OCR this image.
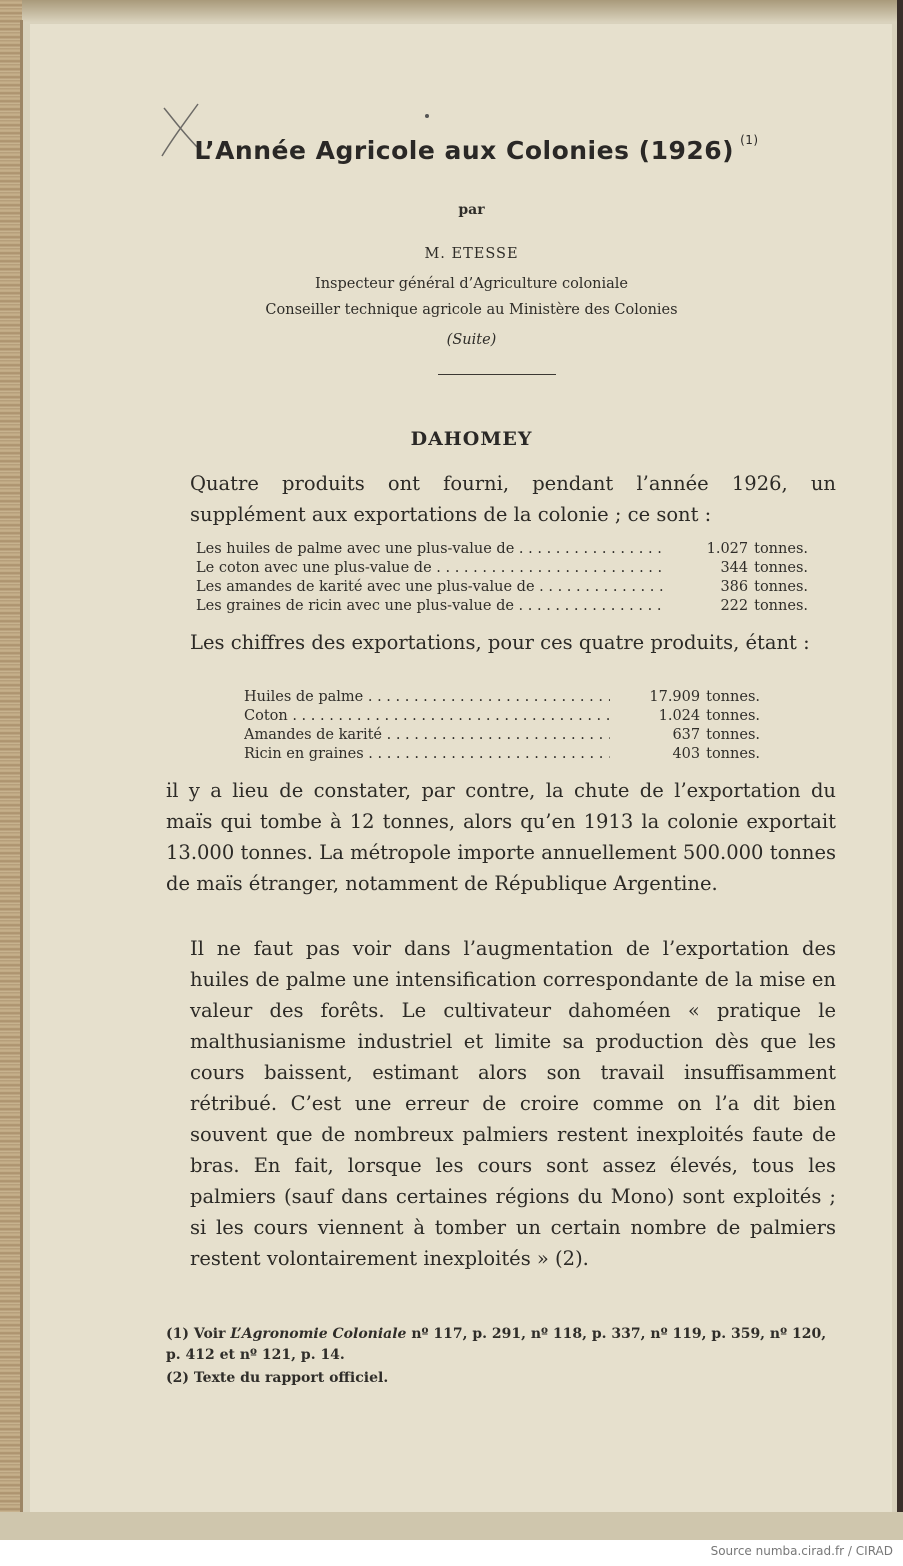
L’Année Agricole aux Colonies (1926) $^{(1)}$
par
M. ETESSE
Inspecteur général d’Agriculture coloniale
Conseiller technique agricole au Ministère des Colonies
(Suite)
DAHOMEY
Quatre produits ont fourni, pendant l’année 1926, un supplément aux exportations de la colonie ; ce sont :
Les huiles de palme avec une plus-value de . . .	1.027 tonnes.
Le coton avec une plus-value de . . .	344 tonnes.
Les amandes de karité avec une plus-value de . . .	386 tonnes.
Les graines de ricin avec une plus-value de . . .	222 tonnes.
Les chiffres des exportations, pour ces quatre produits, étant :
Huiles de palme . . .	17.909 tonnes.
Coton . . .	1.024 tonnes.
Amandes de karité . . .	637 tonnes.
Ricin en graines . . .	403 tonnes.
il y a lieu de constater, par contre, la chute de l’exportation du maïs qui tombe à 12 tonnes, alors qu’en 1913 la colonie exportait 13.000 tonnes. La métropole importe annuellement 500.000 tonnes de maïs étranger, notamment de République Argentine.
Il ne faut pas voir dans l’augmentation de l’exportation des huiles de palme une intensification correspondante de la mise en valeur des forêts. Le cultivateur dahoméen « pratique le malthusianisme industriel et limite sa production dès que les cours baissent, estimant alors son travail insuffisamment rétribué. C’est une erreur de croire comme on l’a dit bien souvent que de nombreux palmiers restent inexploités faute de bras. En fait, lorsque les cours sont assez élevés, tous les palmiers (sauf dans certaines régions du Mono) sont exploités ; si les cours viennent à tomber un certain nombre de palmiers restent volontairement inexploités » (2).
(1) Voir L’Agronomie Coloniale nº 117, p. 291, nº 118, p. 337, nº 119, p. 359, nº 120, p. 412 et nº 121, p. 14.
(2) Texte du rapport officiel.
Source numba.cirad.fr / CIRAD
